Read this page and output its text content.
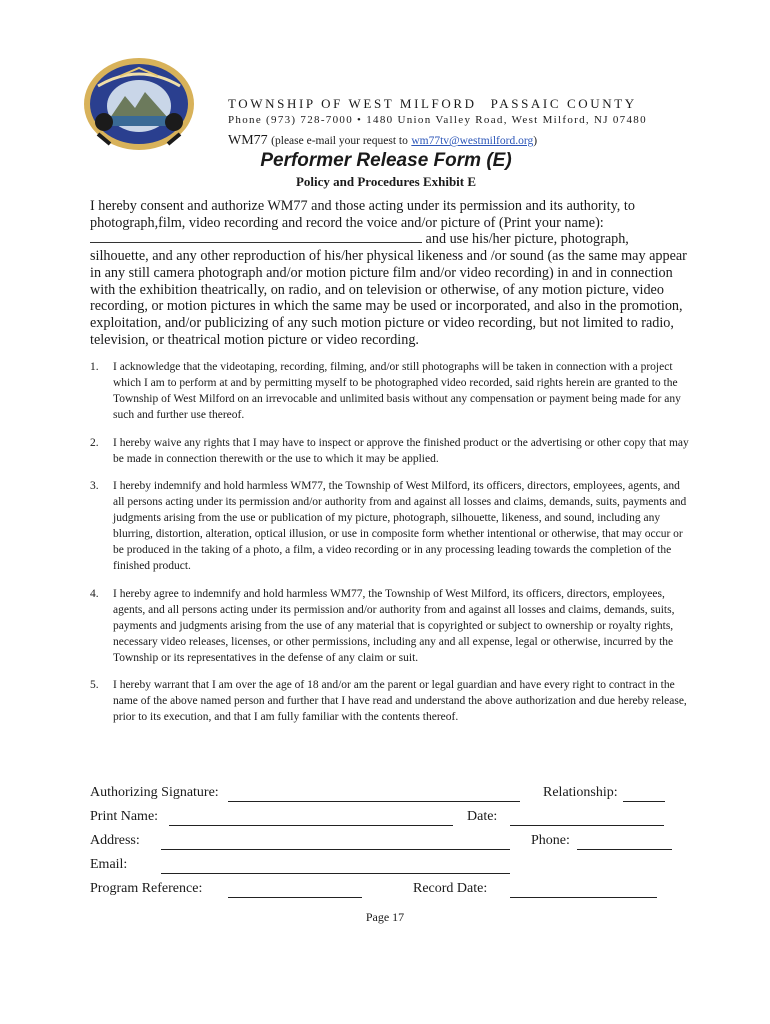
TOWNSHIP OF WEST MILFORD PASSAIC COUNTY
Phone (973) 728-7000 • 1480 Union Valley Road, West Milford, NJ 07480
WM77 (please e-mail your request to wm77tv@westmilford.org)
Performer Release Form (E)
Policy and Procedures Exhibit E
I hereby consent and authorize WM77 and those acting under its permission and its authority, to photograph,film, video recording and record the voice and/or picture of (Print your name):  and use his/her picture, photograph, silhouette, and any other reproduction of his/her physical likeness and /or sound (as the same may appear in any still camera photograph and/or motion picture film and/or video recording) in and in connection with the exhibition theatrically, on radio, and on television or otherwise, of any motion picture, video recording, or motion pictures in which the same may be used or incorporated, and also in the promotion, exploitation, and/or publicizing of any such motion picture or video recording, but not limited to radio, television, or theatrical motion picture or video recording.
1. I acknowledge that the videotaping, recording, filming, and/or still photographs will be taken in connection with a project which I am to perform at and by permitting myself to be photographed video recorded, said rights herein are granted to the Township of West Milford on an irrevocable and unlimited basis without any compensation or payment being made for any such and further use thereof.
2. I hereby waive any rights that I may have to inspect or approve the finished product or the advertising or other copy that may be made in connection therewith or the use to which it may be applied.
3. I hereby indemnify and hold harmless WM77, the Township of West Milford, its officers, directors, employees, agents, and all persons acting under its permission and/or authority from and against all losses and claims, demands, suits, payments and judgments arising from the use or publication of my picture, photograph, silhouette, likeness, and sound, including any blurring, distortion, alteration, optical illusion, or use in composite form whether intentional or otherwise, that may occur or be produced in the taking of a photo, a film, a video recording or in any processing leading towards the completion of the finished product.
4. I hereby agree to indemnify and hold harmless WM77, the Township of West Milford, its officers, directors, employees, agents, and all persons acting under its permission and/or authority from and against all losses and claims, demands, suits, payments and judgments arising from the use of any material that is copyrighted or subject to ownership or royalty rights, necessary video releases, licenses, or other permissions, including any and all expense, legal or otherwise, incurred by the Township or its representatives in the defense of any claim or suit.
5. I hereby warrant that I am over the age of 18 and/or am the parent or legal guardian and have every right to contract in the name of the above named person and further that I have read and understand the above authorization and due hereby release, prior to its execution, and that I am fully familiar with the contents thereof.
Authorizing Signature:	Relationship:
Print Name:	Date:
Address:	Phone:
Email:
Program Reference:	Record Date:
Page 17
